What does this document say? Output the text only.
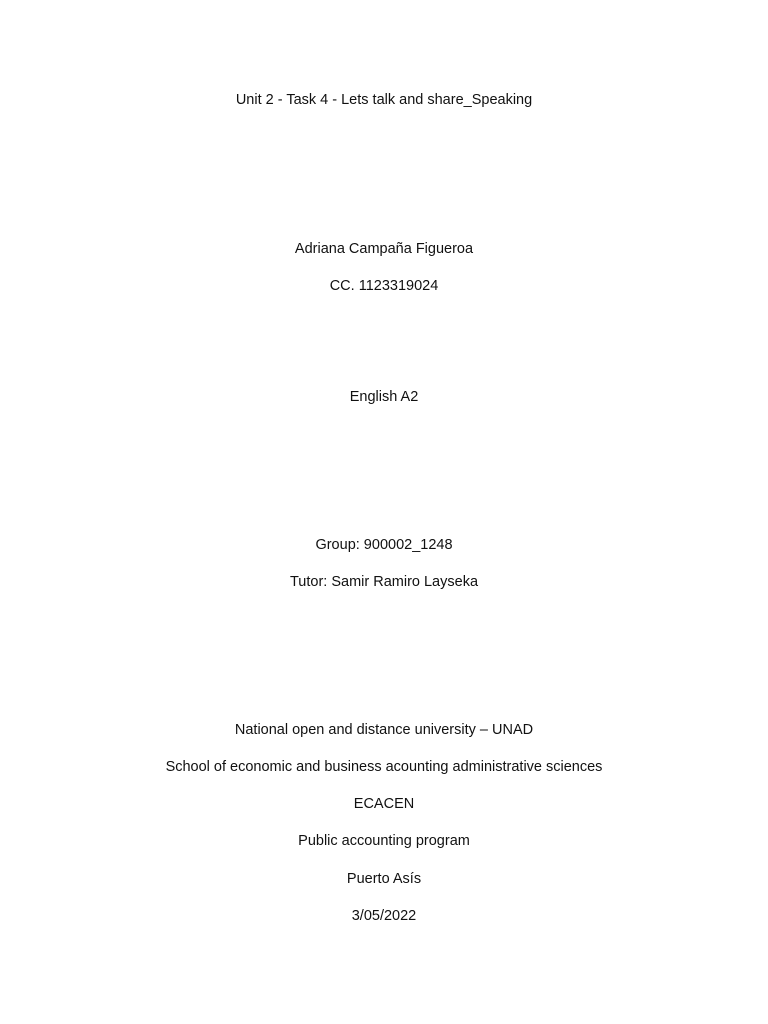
Unit 2 - Task 4 - Lets talk and share_Speaking
Adriana Campaña Figueroa
CC. 1123319024
English A2
Group: 900002_1248
Tutor: Samir Ramiro Layseka
National open and distance university – UNAD
School of economic and business acounting administrative sciences
ECACEN
Public accounting program
Puerto Asís
3/05/2022
